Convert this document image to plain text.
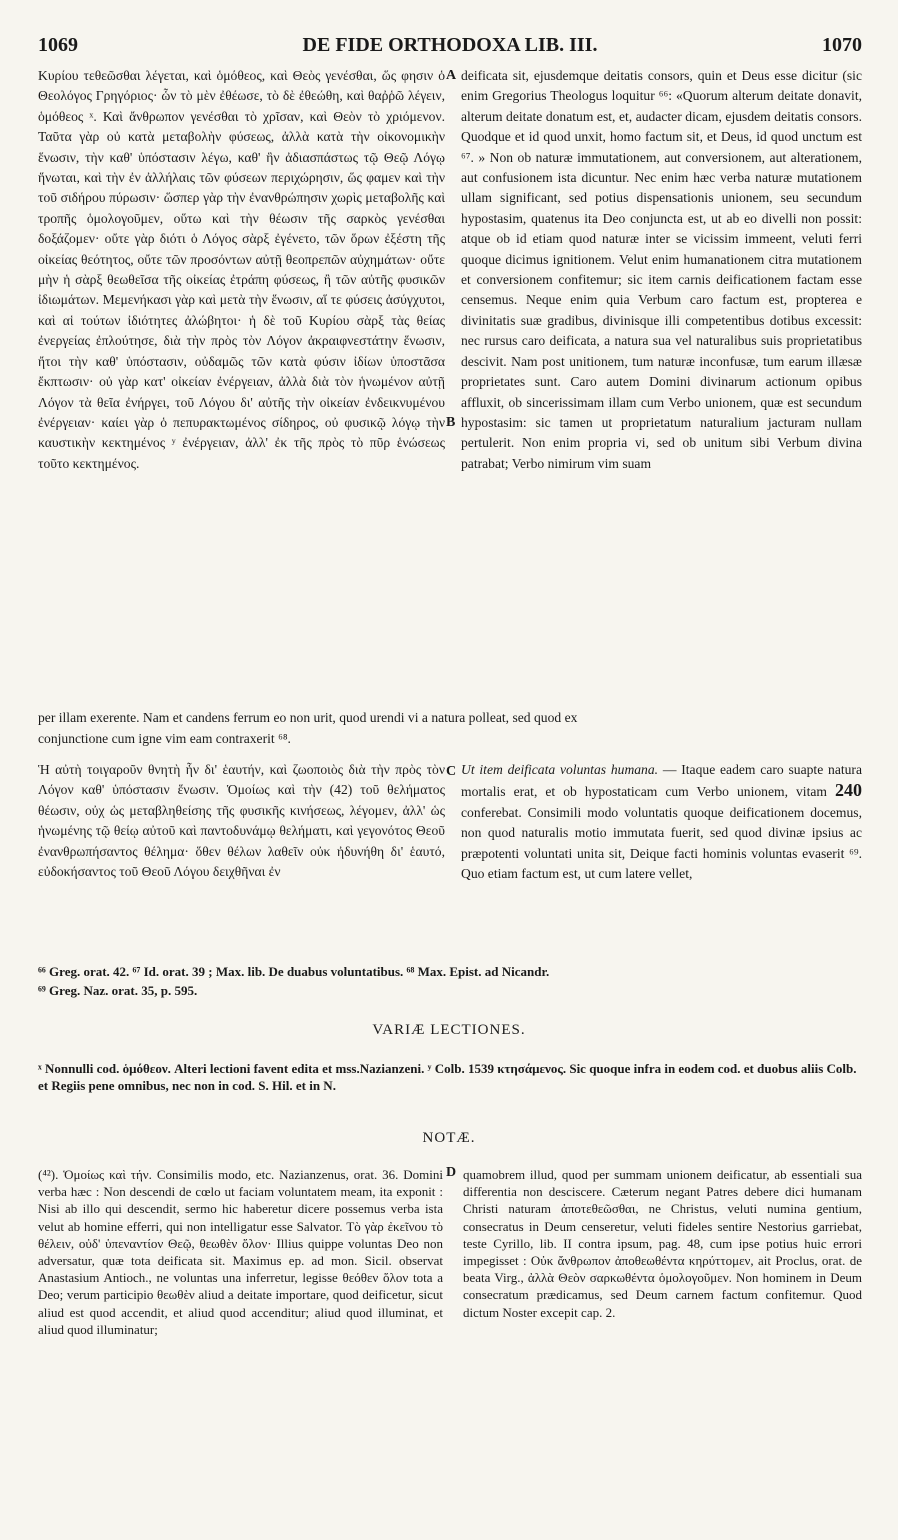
1069	DE FIDE ORTHODOXA LIB. III.	1070
A
B
C
D

Κυρίου τεθεῶσθαι λέγεται, καὶ ὁμόθεος, καὶ Θεὸς γενέσθαι, ὥς φησιν ὁ Θεολόγος Γρηγόριος· ὧν τὸ μὲν ἐθέωσε, τὸ δὲ ἐθεώθη, καὶ θαῤῥῶ λέγειν, ὁμόθεος ˣ. Καὶ ἄνθρωπον γενέσθαι τὸ χρῖσαν, καὶ Θεὸν τὸ χριόμενον. Ταῦτα γὰρ οὐ κατὰ μεταβολὴν φύσεως, ἀλλὰ κατὰ τὴν οἰκονομικὴν ἕνωσιν, τὴν καθ' ὑπόστασιν λέγω, καθ' ἣν ἀδιασπάστως τῷ Θεῷ Λόγῳ ἥνωται, καὶ τὴν ἐν ἀλλήλαις τῶν φύσεων περιχώρησιν, ὥς φαμεν καὶ τὴν τοῦ σιδήρου πύρωσιν· ὥσπερ γὰρ τὴν ἐνανθρώπησιν χωρὶς μεταβολῆς καὶ τροπῆς ὁμολογοῦμεν, οὕτω καὶ τὴν θέωσιν τῆς σαρκὸς γενέσθαι δοξάζομεν· οὔτε γὰρ διότι ὁ Λόγος σὰρξ ἐγένετο, τῶν ὅρων ἐξέστη τῆς οἰκείας θεότητος, οὔτε τῶν προσόντων αὐτῇ θεοπρεπῶν αὐχημάτων· οὔτε μὴν ἡ σὰρξ θεωθεῖσα τῆς οἰκείας ἐτράπη φύσεως, ἢ τῶν αὐτῆς φυσικῶν ἰδιωμάτων. Μεμενήκασι γὰρ καὶ μετὰ τὴν ἕνωσιν, αἵ τε φύσεις ἀσύγχυτοι, καὶ αἱ τούτων ἰδιότητες ἀλώβητοι· ἡ δὲ τοῦ Κυρίου σὰρξ τὰς θείας ἐνεργείας ἐπλούτησε, διὰ τὴν πρὸς τὸν Λόγον ἀκραιφνεστάτην ἕνωσιν, ἤτοι τὴν καθ' ὑπόστασιν, οὐδαμῶς τῶν κατὰ φύσιν ἰδίων ὑποστᾶσα ἔκπτωσιν· οὐ γὰρ κατ' οἰκείαν ἐνέργειαν, ἀλλὰ διὰ τὸν ἡνωμένον αὐτῇ Λόγον τὰ θεῖα ἐνήργει, τοῦ Λόγου δι' αὐτῆς τὴν οἰκείαν ἐνδεικνυμένου ἐνέργειαν· καίει γὰρ ὁ πεπυρακτωμένος σίδηρος, οὐ φυσικῷ λόγῳ τὴν καυστικὴν κεκτημένος ʸ ἐνέργειαν, ἀλλ' ἐκ τῆς πρὸς τὸ πῦρ ἑνώσεως τοῦτο κεκτημένος.

deificata sit, ejusdemque deitatis consors, quin et Deus esse dicitur (sic enim Gregorius Theologus loquitur ⁶⁶: «Quorum alterum deitate donavit, alterum deitate donatum est, et, audacter dicam, ejusdem deitatis consors. Quodque et id quod unxit, homo factum sit, et Deus, id quod unctum est ⁶⁷. » Non ob naturæ immutationem, aut conversionem, aut alterationem, aut confusionem ista dicuntur. Nec enim hæc verba naturæ mutationem ullam significant, sed potius dispensationis unionem, seu secundum hypostasim, quatenus ita Deo conjuncta est, ut ab eo divelli non possit: atque ob id etiam quod naturæ inter se vicissim immeent, veluti ferri quoque dicimus ignitionem. Velut enim humanationem citra mutationem et conversionem confitemur; sic item carnis deificationem factam esse censemus. Neque enim quia Verbum caro factum est, propterea e divinitatis suæ gradibus, divinisque illi competentibus dotibus excessit: nec rursus caro deificata, a natura sua vel naturalibus suis proprietatibus descivit. Nam post unitionem, tum naturæ inconfusæ, tum earum illæsæ proprietates sunt. Caro autem Domini divinarum actionum opibus affluxit, ob sincerissimam illam cum Verbo unionem, quæ est secundum hypostasim: sic tamen ut proprietatum naturalium jacturam nullam pertulerit. Non enim propria vi, sed ob unitum sibi Verbum divina patrabat; Verbo nimirum vim suam

per illam exerente. Nam et candens ferrum eo non urit, quod urendi vi a natura polleat, sed quod ex
conjunctione cum igne vim eam contraxerit ⁶⁸.

Ἡ αὐτὴ τοιγαροῦν θνητὴ ἦν δι' ἑαυτήν, καὶ ζωοποιὸς διὰ τὴν πρὸς τὸν Λόγον καθ' ὑπόστασιν ἕνωσιν. Ὁμοίως καὶ τὴν (42) τοῦ θελήματος θέωσιν, οὐχ ὡς μεταβληθείσης τῆς φυσικῆς κινήσεως, λέγομεν, ἀλλ' ὡς ἡνωμένης τῷ θείῳ αὐτοῦ καὶ παντοδυνάμῳ θελήματι, καὶ γεγονότος Θεοῦ ἐνανθρωπήσαντος θέλημα· ὅθεν θέλων λαθεῖν οὐκ ἠδυνήθη δι' ἑαυτό, εὐδοκήσαντος τοῦ Θεοῦ Λόγου δειχθῆναι ἐν

Ut item deificata voluntas humana. — Itaque eadem caro suapte natura mortalis erat, et ob hypostaticam cum Verbo unionem, vitam 240 conferebat. Consimili modo voluntatis quoque deificationem docemus, non quod naturalis motio immutata fuerit, sed quod divinæ ipsius ac præpotenti voluntati unita sit, Deique facti hominis voluntas evaserit ⁶⁹. Quo etiam factum est, ut cum latere vellet,

⁶⁶ Greg. orat. 42. ⁶⁷ Id. orat. 39 ; Max. lib. De duabus voluntatibus. ⁶⁸ Max. Epist. ad Nicandr.
⁶⁹ Greg. Naz. orat. 35, p. 595.
VARIÆ LECTIONES.
ˣ Nonnulli cod. ὁμόθεον. Alteri lectioni favent edita et mss.Nazianzeni. ʸ Colb. 1539 κτησάμενος. Sic quoque infra in eodem cod. et duobus aliis Colb. et Regiis pene omnibus, nec non in cod. S. Hil. et in N.
NOTÆ.

(⁴²). Ὁμοίως καὶ τήν. Consimilis modo, etc. Nazianzenus, orat. 36. Domini verba hæc : Non descendi de cœlo ut faciam voluntatem meam, ita exponit : Nisi ab illo qui descendit, sermo hic haberetur dicere possemus verba ista velut ab homine efferri, qui non intelligatur esse Salvator. Τὸ γὰρ ἐκεῖνου τὸ θέλειν, οὐδ' ὑπεναντίον Θεῷ, θεωθὲν ὅλον· Illius quippe voluntas Deo non adversatur, quæ tota deificata sit. Maximus ep. ad mon. Sicil. observat Anastasium Antioch., ne voluntas una inferretur, legisse θεόθεν ὅλον tota a Deo; verum participio θεωθὲν aliud a deitate importare, quod deificetur, sicut aliud est quod accendit, et aliud quod accenditur; aliud quod illuminat, et aliud quod illuminatur;

quamobrem illud, quod per summam unionem deificatur, ab essentiali sua differentia non desciscere. Cæterum negant Patres debere dici humanam Christi naturam ἀποτεθεῶσθαι, ne Christus, veluti numina gentium, consecratus in Deum censeretur, veluti fideles sentire Nestorius garriebat, teste Cyrillo, lib. II contra ipsum, pag. 48, cum ipse potius huic errori impegisset : Οὐκ ἄνθρωπον ἀποθεωθέντα κηρύττομεν, ait Proclus, orat. de beata Virg., ἀλλὰ Θεὸν σαρκωθέντα ὁμολογοῦμεν. Non hominem in Deum consecratum prædicamus, sed Deum carnem factum confitemur. Quod dictum Noster excepit cap. 2.
